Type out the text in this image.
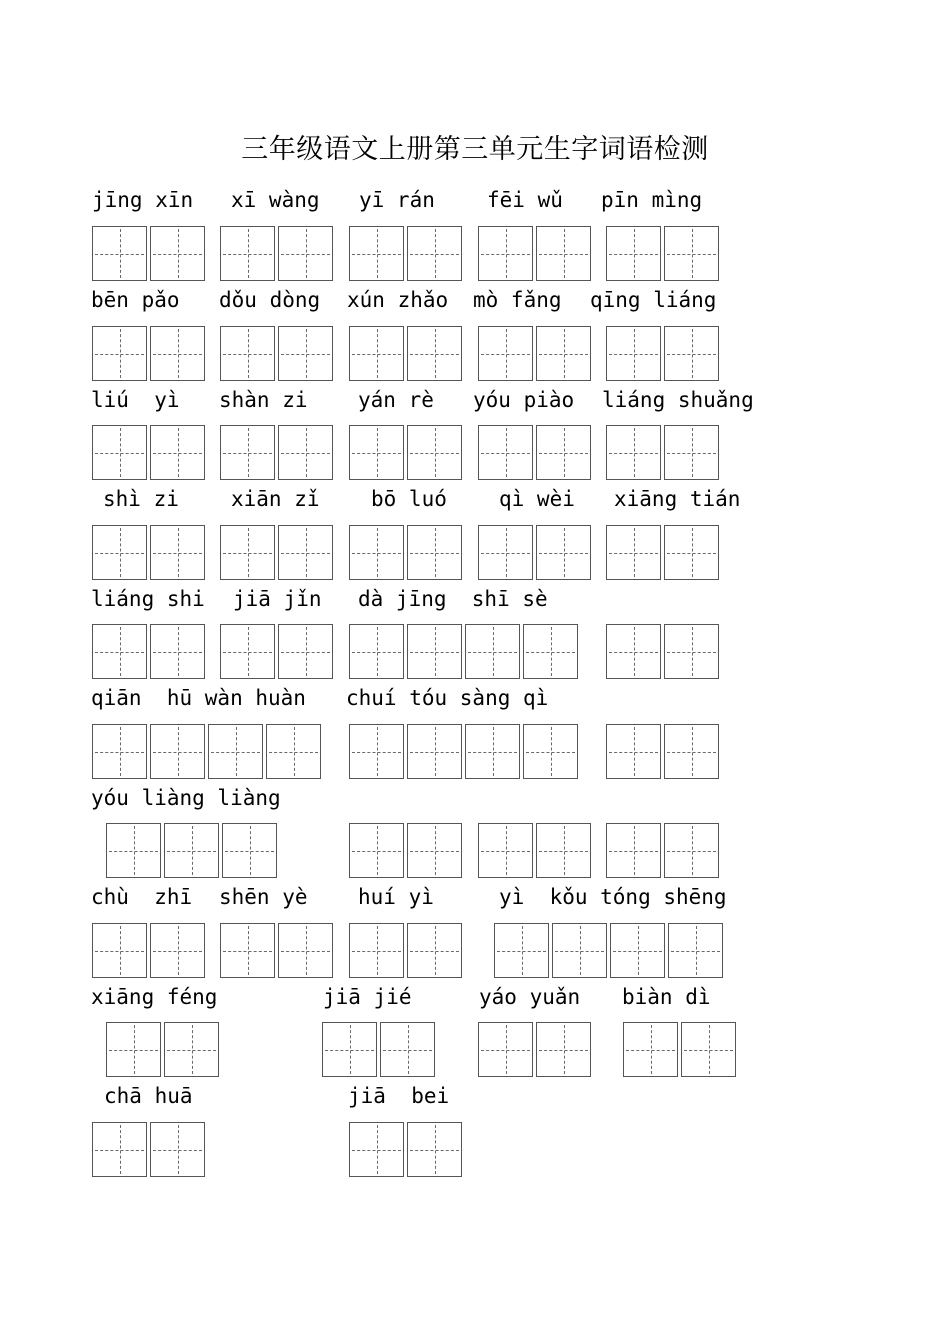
三年级语文上册第三单元生字词语检测
jīng xīn xī wàng yī rán fēi wǔ pīn mìng
bēn pǎo dǒu dòng xún zhǎo mò fǎng qīng liáng
liú  yì shàn zi yán rè yóu piào liáng shuǎng
shì zi xiān zǐ bō luó qì wèi xiāng tián
liáng shi jiā jǐn dà jīng  shī sè
qiān  hū wàn huàn chuí tóu sàng qì
yóu liàng liàng
chù  zhī shēn yè huí yì	yì  kǒu tóng shēng
xiāng féng	jiā jié	yáo yuǎn biàn dì
chā huā	jiā  bei
